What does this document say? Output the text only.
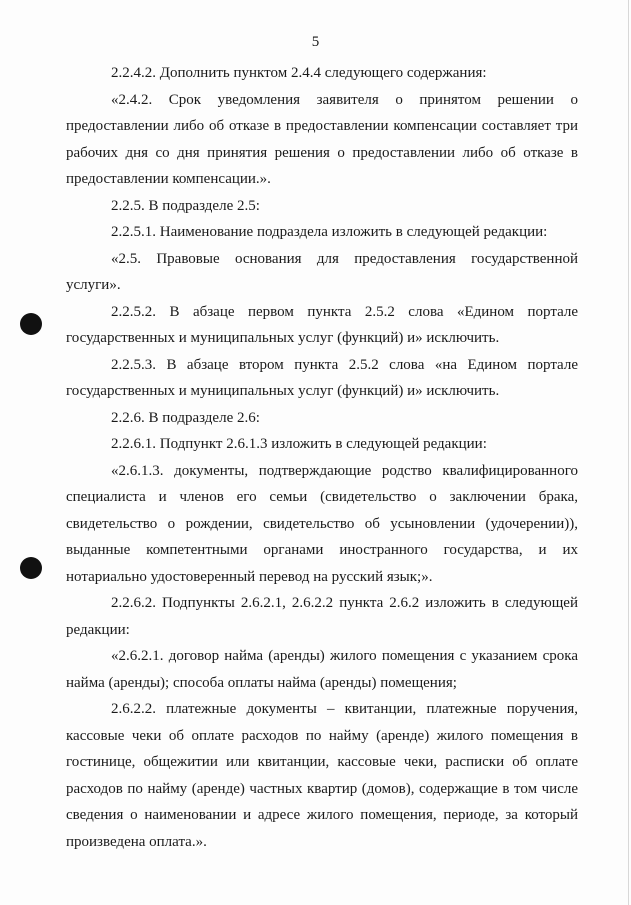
5

2.2.4.2. Дополнить пунктом 2.4.4 следующего содержания:

«2.4.2. Срок уведомления заявителя о принятом решении о предоставлении либо об отказе в предоставлении компенсации составляет три рабочих дня со дня принятия решения о предоставлении либо об отказе в предоставлении компенсации.».

2.2.5. В подразделе 2.5:

2.2.5.1. Наименование подраздела изложить в следующей редакции:

«2.5. Правовые основания для предоставления государственной услуги».

2.2.5.2. В абзаце первом пункта 2.5.2 слова «Едином портале государственных и муниципальных услуг (функций) и» исключить.

2.2.5.3. В абзаце втором пункта 2.5.2 слова «на Едином портале государственных и муниципальных услуг (функций) и» исключить.

2.2.6. В подразделе 2.6:

2.2.6.1. Подпункт 2.6.1.3 изложить в следующей редакции:

«2.6.1.3. документы, подтверждающие родство квалифицированного специалиста и членов его семьи (свидетельство о заключении брака, свидетельство о рождении, свидетельство об усыновлении (удочерении)), выданные компетентными органами иностранного государства, и их нотариально удостоверенный перевод на русский язык;».

2.2.6.2. Подпункты 2.6.2.1, 2.6.2.2 пункта 2.6.2 изложить в следующей редакции:

«2.6.2.1. договор найма (аренды) жилого помещения с указанием срока найма (аренды); способа оплаты найма (аренды) помещения;

2.6.2.2. платежные документы – квитанции, платежные поручения, кассовые чеки об оплате расходов по найму (аренде) жилого помещения в гостинице, общежитии или квитанции, кассовые чеки, расписки об оплате расходов по найму (аренде) частных квартир (домов), содержащие в том числе сведения о наименовании и адресе жилого помещения, периоде, за который произведена оплата.».
